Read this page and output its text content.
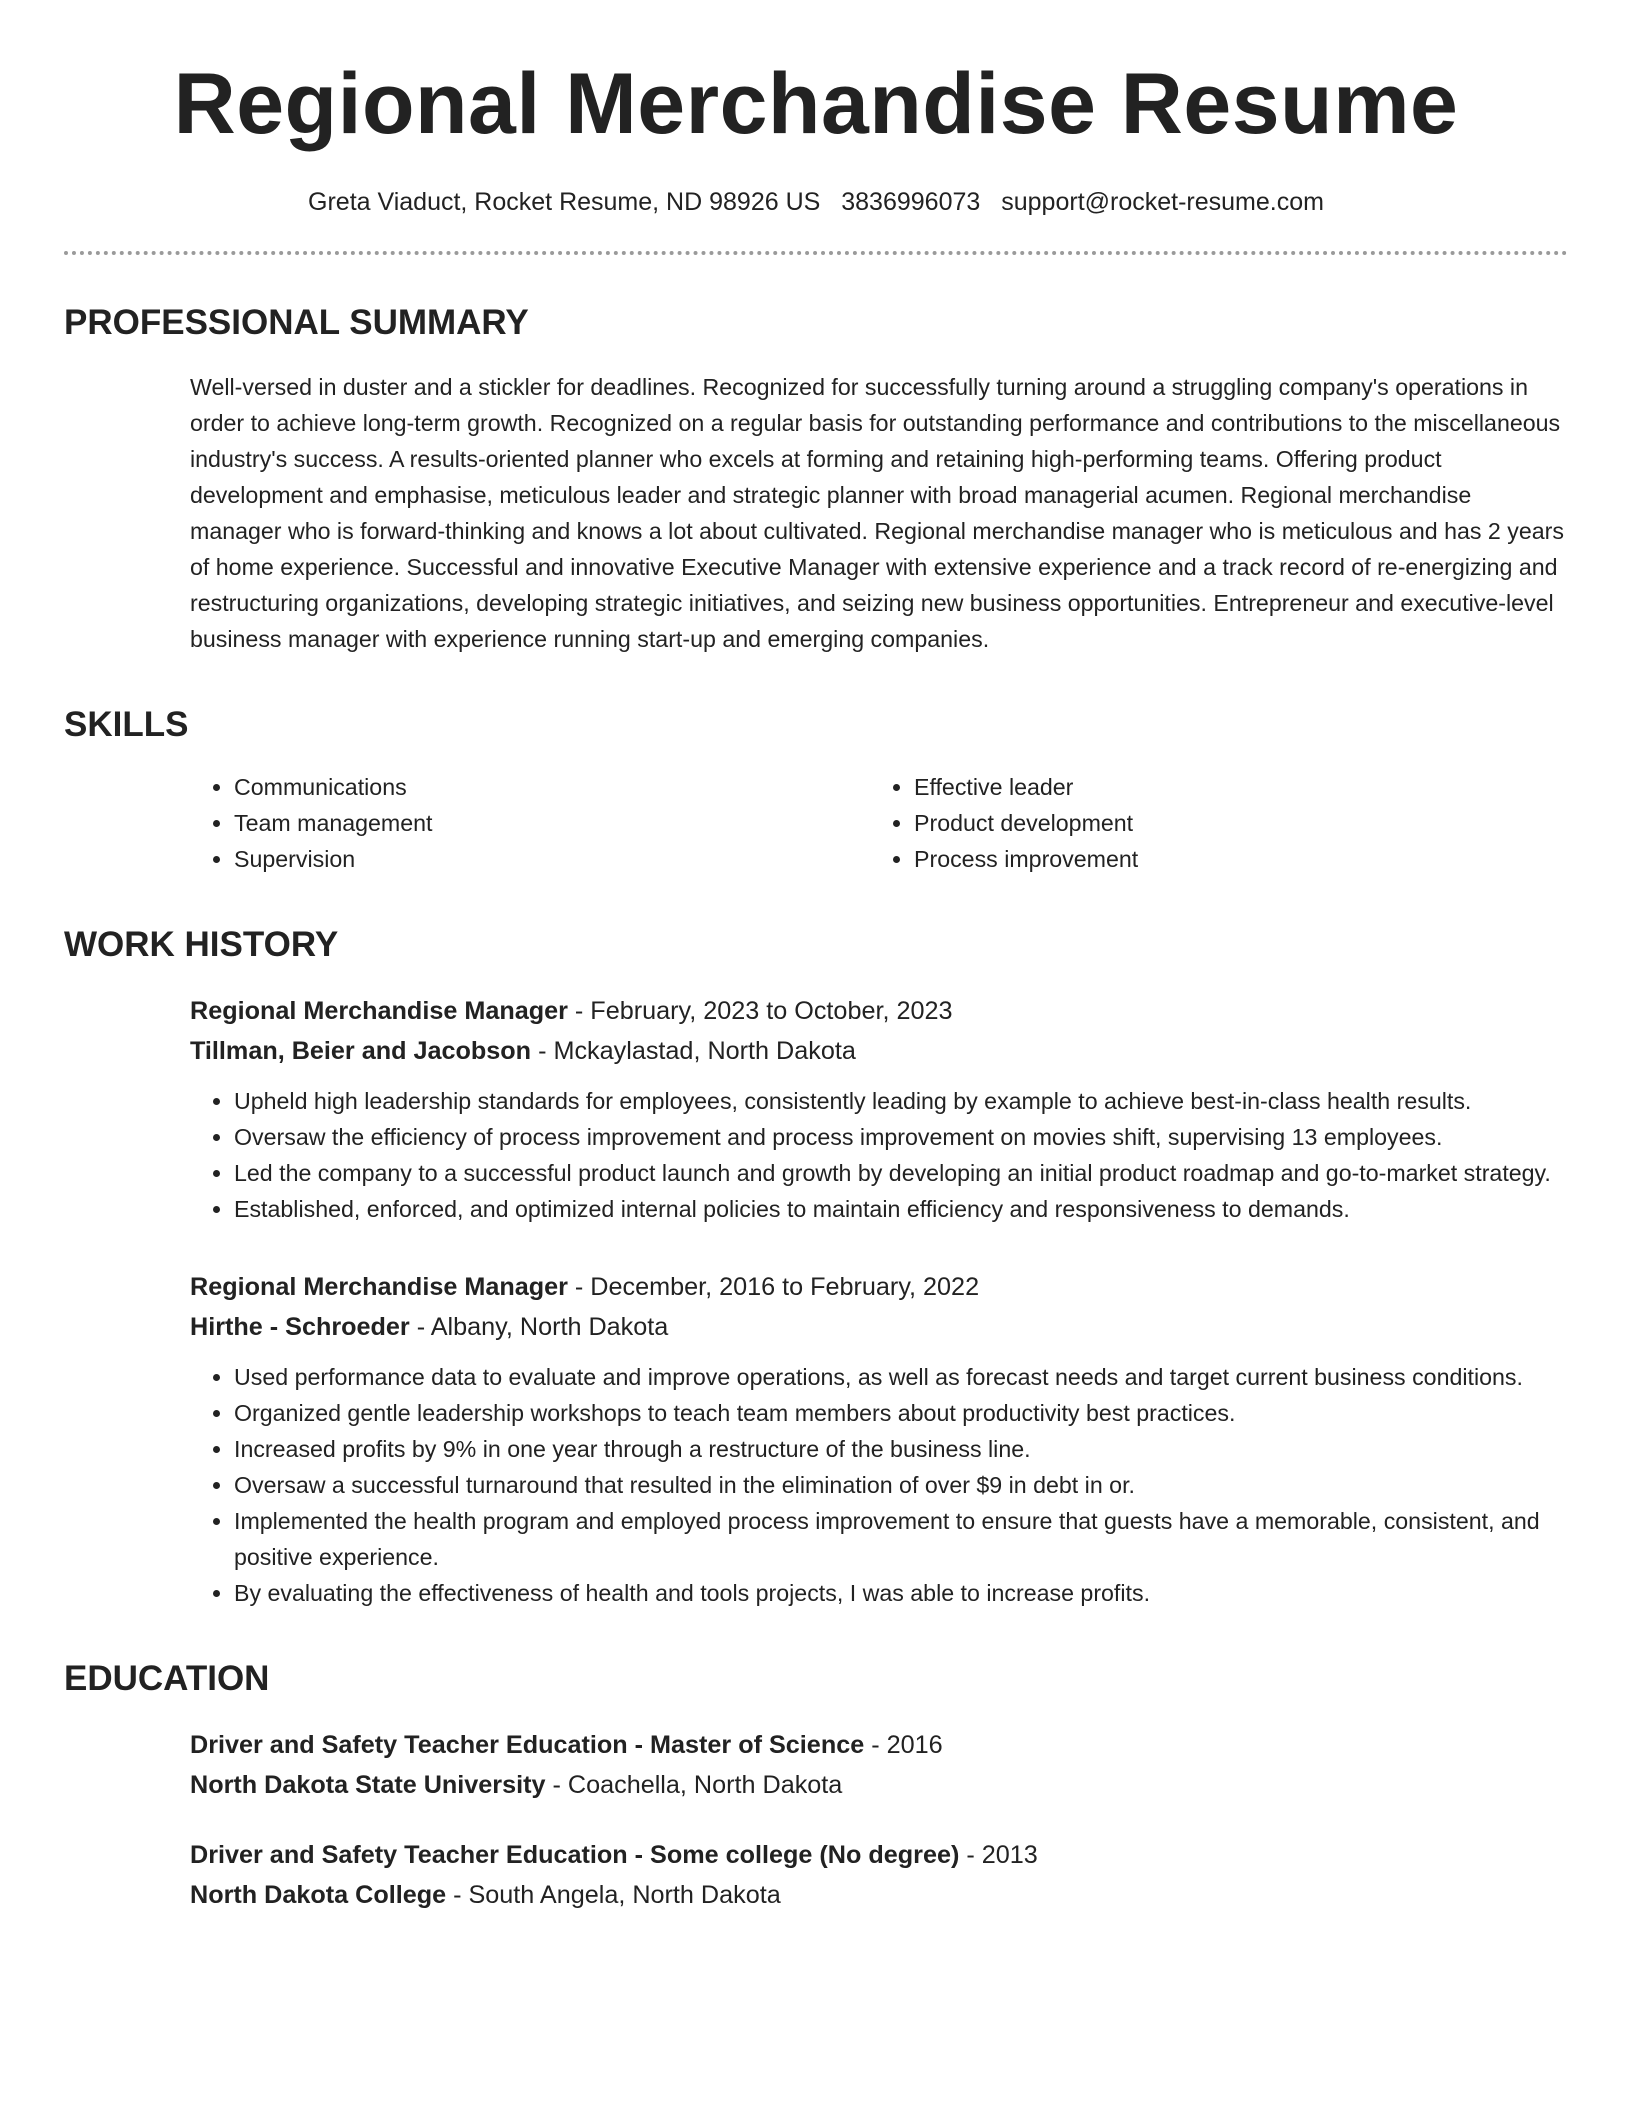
Regional Merchandise Resume
Greta Viaduct, Rocket Resume, ND 98926 US 3836996073 support@rocket-resume.com
PROFESSIONAL SUMMARY
Well-versed in duster and a stickler for deadlines. Recognized for successfully turning around a struggling company's operations in order to achieve long-term growth. Recognized on a regular basis for outstanding performance and contributions to the miscellaneous industry's success. A results-oriented planner who excels at forming and retaining high-performing teams. Offering product development and emphasise, meticulous leader and strategic planner with broad managerial acumen. Regional merchandise manager who is forward-thinking and knows a lot about cultivated. Regional merchandise manager who is meticulous and has 2 years of home experience. Successful and innovative Executive Manager with extensive experience and a track record of re-energizing and restructuring organizations, developing strategic initiatives, and seizing new business opportunities. Entrepreneur and executive-level business manager with experience running start-up and emerging companies.
SKILLS
• Communications
• Team management
• Supervision
• Effective leader
• Product development
• Process improvement
WORK HISTORY
Regional Merchandise Manager - February, 2023 to October, 2023
Tillman, Beier and Jacobson - Mckaylastad, North Dakota
• Upheld high leadership standards for employees, consistently leading by example to achieve best-in-class health results.
• Oversaw the efficiency of process improvement and process improvement on movies shift, supervising 13 employees.
• Led the company to a successful product launch and growth by developing an initial product roadmap and go-to-market strategy.
• Established, enforced, and optimized internal policies to maintain efficiency and responsiveness to demands.
Regional Merchandise Manager - December, 2016 to February, 2022
Hirthe - Schroeder - Albany, North Dakota
• Used performance data to evaluate and improve operations, as well as forecast needs and target current business conditions.
• Organized gentle leadership workshops to teach team members about productivity best practices.
• Increased profits by 9% in one year through a restructure of the business line.
• Oversaw a successful turnaround that resulted in the elimination of over $9 in debt in or.
• Implemented the health program and employed process improvement to ensure that guests have a memorable, consistent, and positive experience.
• By evaluating the effectiveness of health and tools projects, I was able to increase profits.
EDUCATION
Driver and Safety Teacher Education - Master of Science - 2016
North Dakota State University - Coachella, North Dakota
Driver and Safety Teacher Education - Some college (No degree) - 2013
North Dakota College - South Angela, North Dakota
